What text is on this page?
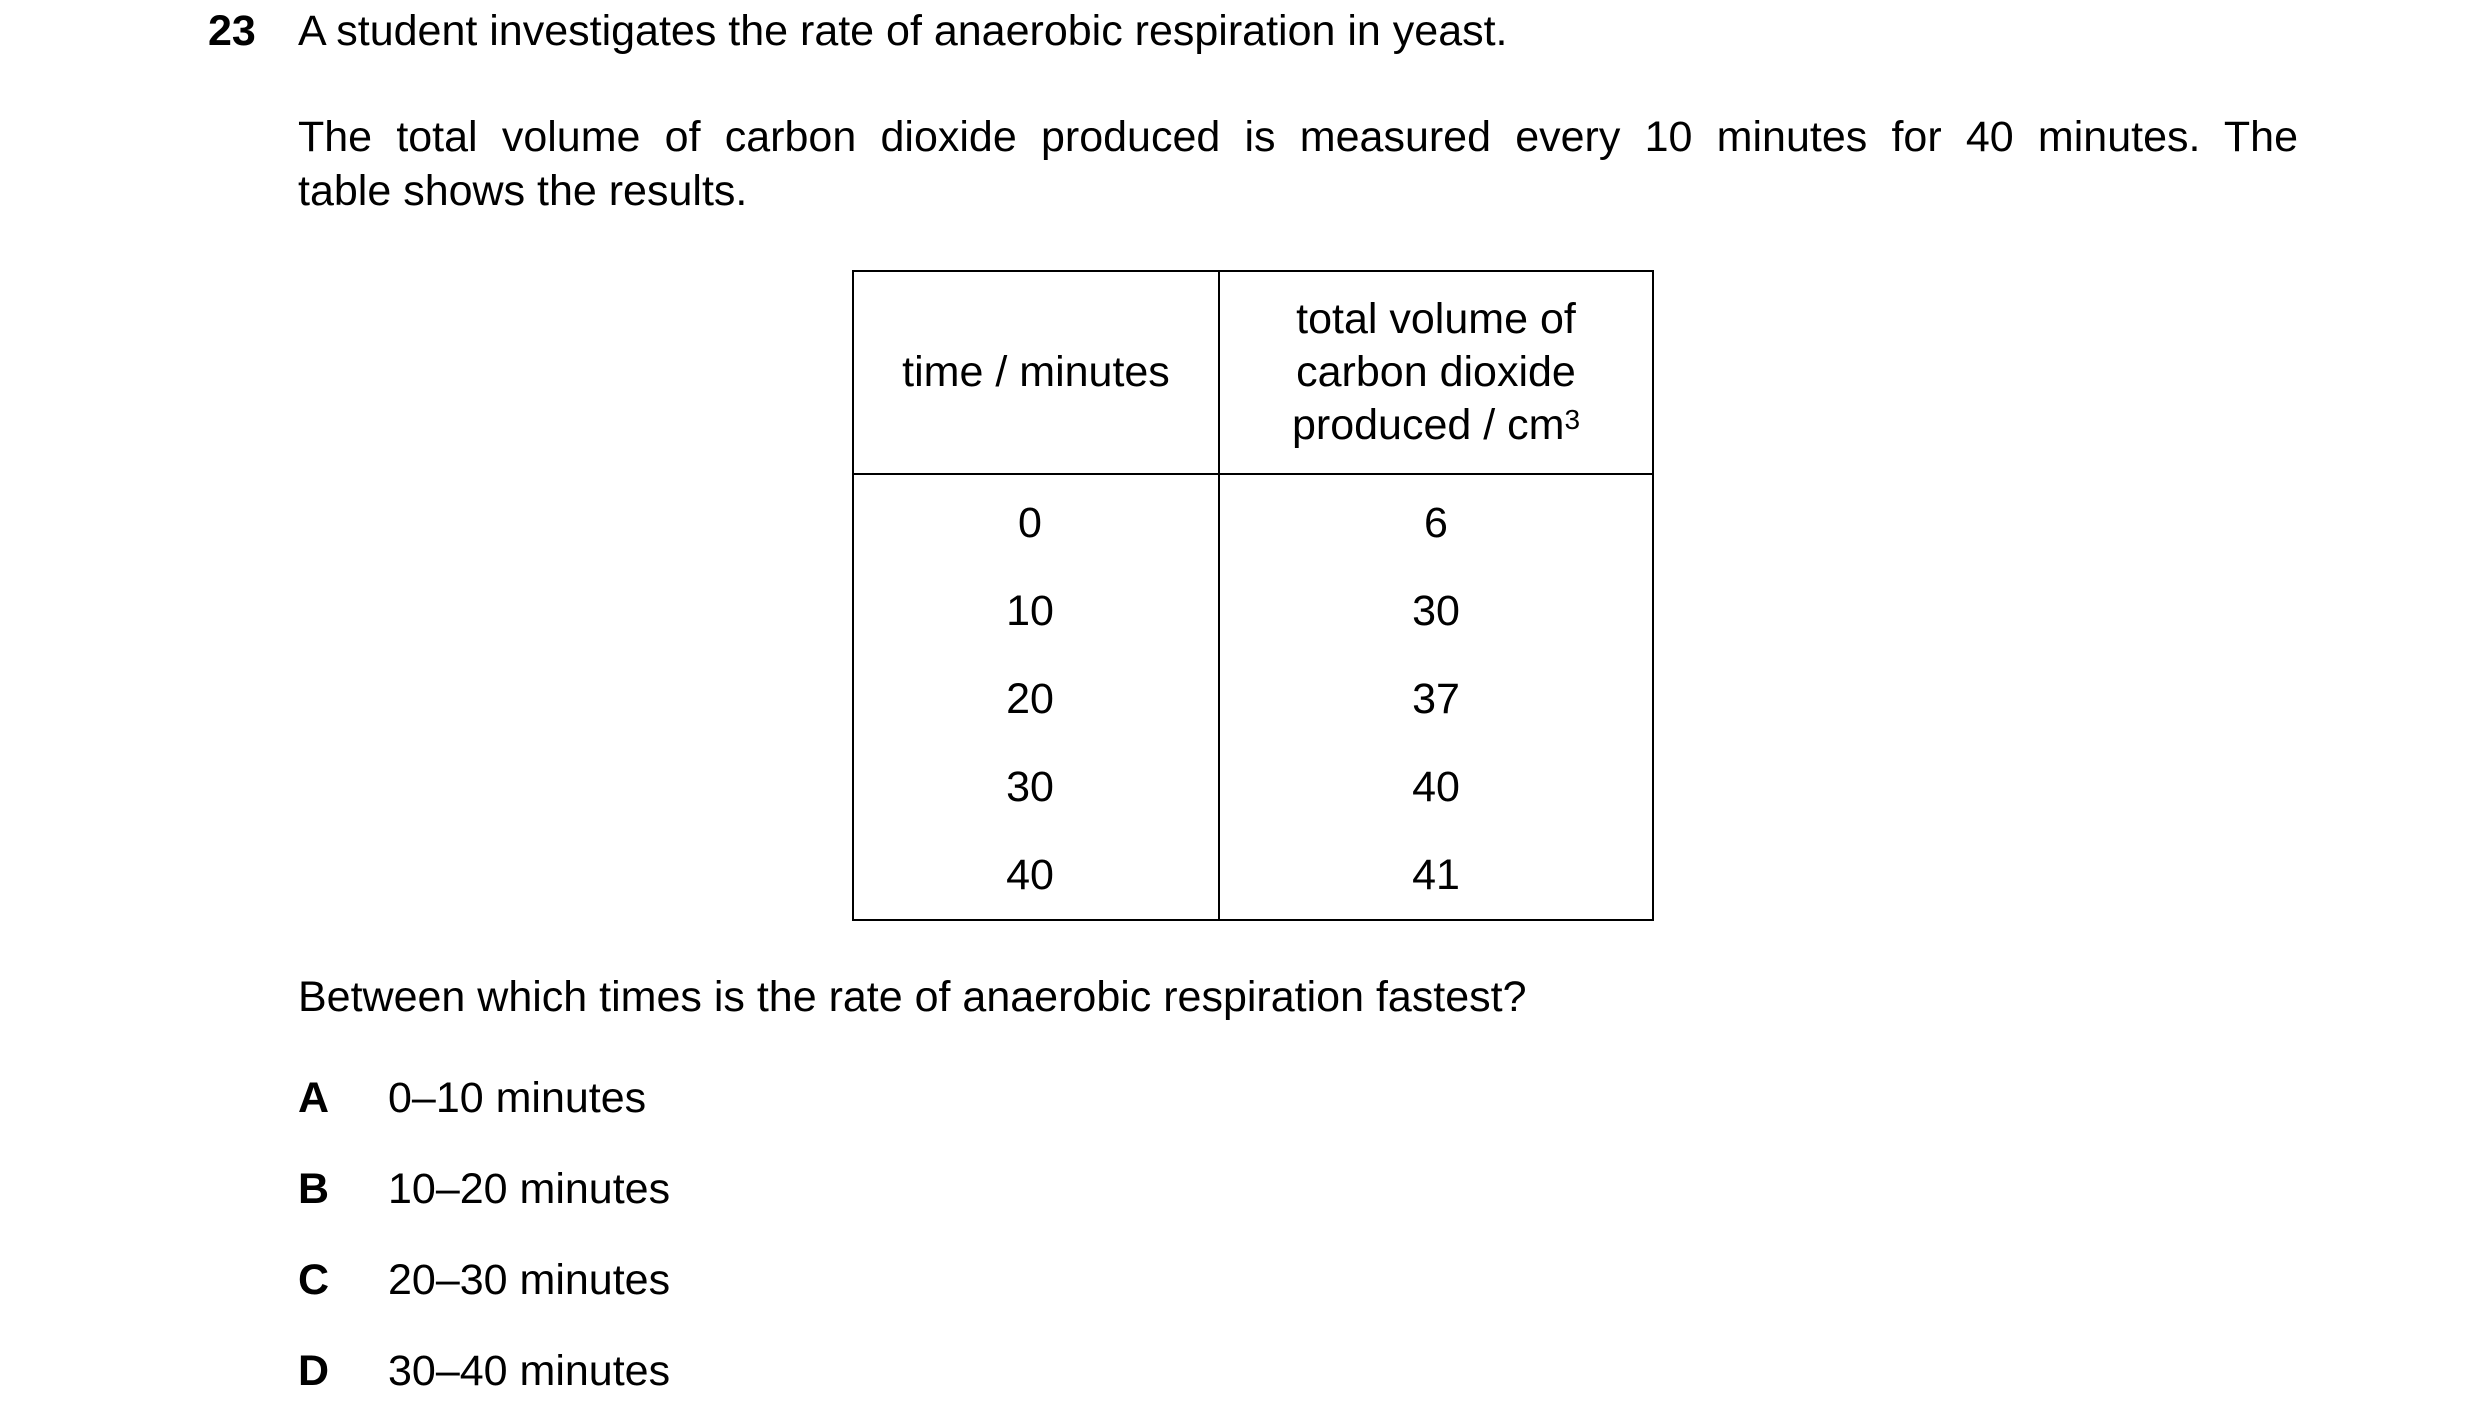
23 A student investigates the rate of anaerobic respiration in yeast.
The total volume of carbon dioxide produced is measured every 10 minutes for 40 minutes. The
table shows the results.
time / minutes	total volume of
carbon dioxide
produced / $cm^3$
0	6
10	30
20	37
30	40
40	41
Between which times is the rate of anaerobic respiration fastest?
A 0–10 minutes
B 10–20 minutes
C 20–30 minutes
D 30–40 minutes
